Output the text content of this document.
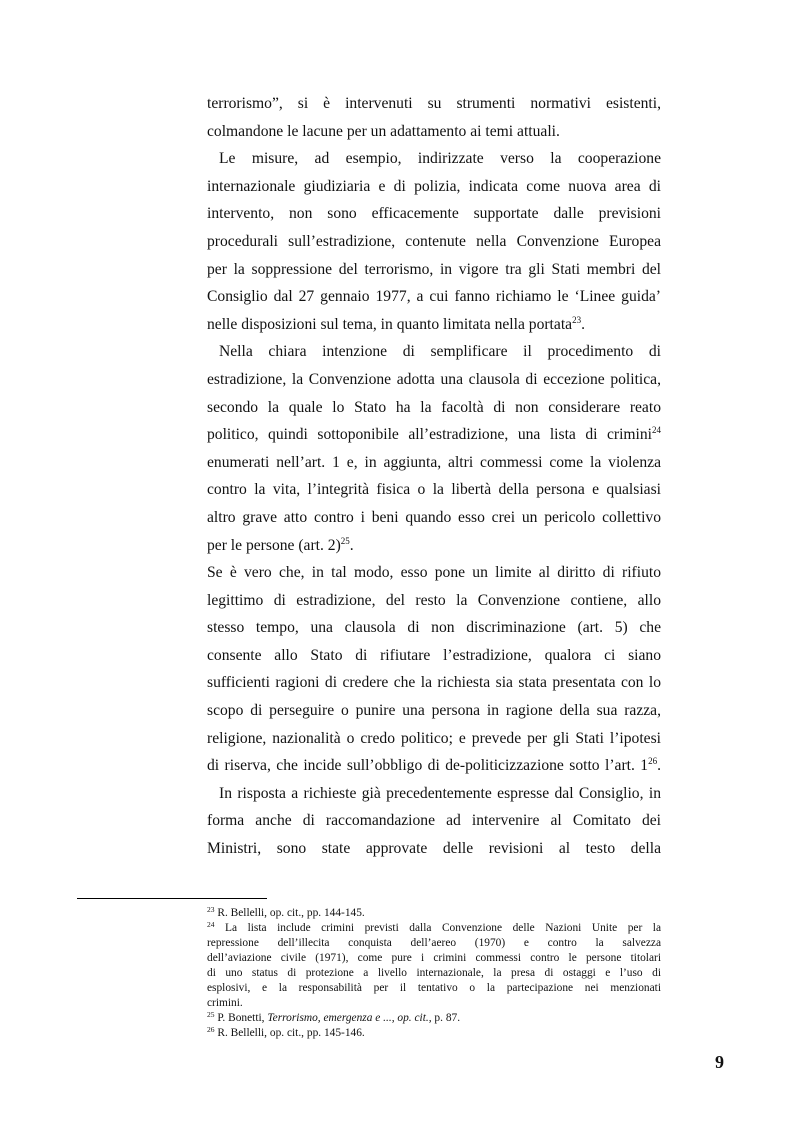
terrorismo”, si è intervenuti su strumenti normativi esistenti,
colmandone le lacune per un adattamento ai temi attuali.
Le misure, ad esempio, indirizzate verso la cooperazione
internazionale giudiziaria e di polizia, indicata come nuova area di
intervento, non sono efficacemente supportate dalle previsioni
procedurali sull’estradizione, contenute nella Convenzione Europea
per la soppressione del terrorismo, in vigore tra gli Stati membri del
Consiglio dal 27 gennaio 1977, a cui fanno richiamo le ‘Linee guida’
nelle disposizioni sul tema, in quanto limitata nella portata$^{23}$.
Nella chiara intenzione di semplificare il procedimento di
estradizione, la Convenzione adotta una clausola di eccezione politica,
secondo la quale lo Stato ha la facoltà di non considerare reato
politico, quindi sottoponibile all’estradizione, una lista di crimini$^{24}$
enumerati nell’art. 1 e, in aggiunta, altri commessi come la violenza
contro la vita, l’integrità fisica o la libertà della persona e qualsiasi
altro grave atto contro i beni quando esso crei un pericolo collettivo
per le persone (art. 2)$^{25}$.
Se è vero che, in tal modo, esso pone un limite al diritto di rifiuto
legittimo di estradizione, del resto la Convenzione contiene, allo
stesso tempo, una clausola di non discriminazione (art. 5) che
consente allo Stato di rifiutare l’estradizione, qualora ci siano
sufficienti ragioni di credere che la richiesta sia stata presentata con lo
scopo di perseguire o punire una persona in ragione della sua razza,
religione, nazionalità o credo politico; e prevede per gli Stati l’ipotesi
di riserva, che incide sull’obbligo di de-politicizzazione sotto l’art. $1^{26}$.
In risposta a richieste già precedentemente espresse dal Consiglio, in
forma anche di raccomandazione ad intervenire al Comitato dei
Ministri, sono state approvate delle revisioni al testo della
$^{23}$ R. Bellelli, op. cit., pp. 144-145.
$^{24}$ La lista include crimini previsti dalla Convenzione delle Nazioni Unite per la
repressione dell’illecita conquista dell’aereo (1970) e contro la salvezza
dell’aviazione civile (1971), come pure i crimini commessi contro le persone titolari
di uno status di protezione a livello internazionale, la presa di ostaggi e l’uso di
esplosivi, e la responsabilità per il tentativo o la partecipazione nei menzionati
crimini.
$^{25}$ P. Bonetti, Terrorismo, emergenza e ..., op. cit., p. 87.
$^{26}$ R. Bellelli, op. cit., pp. 145-146.
9
